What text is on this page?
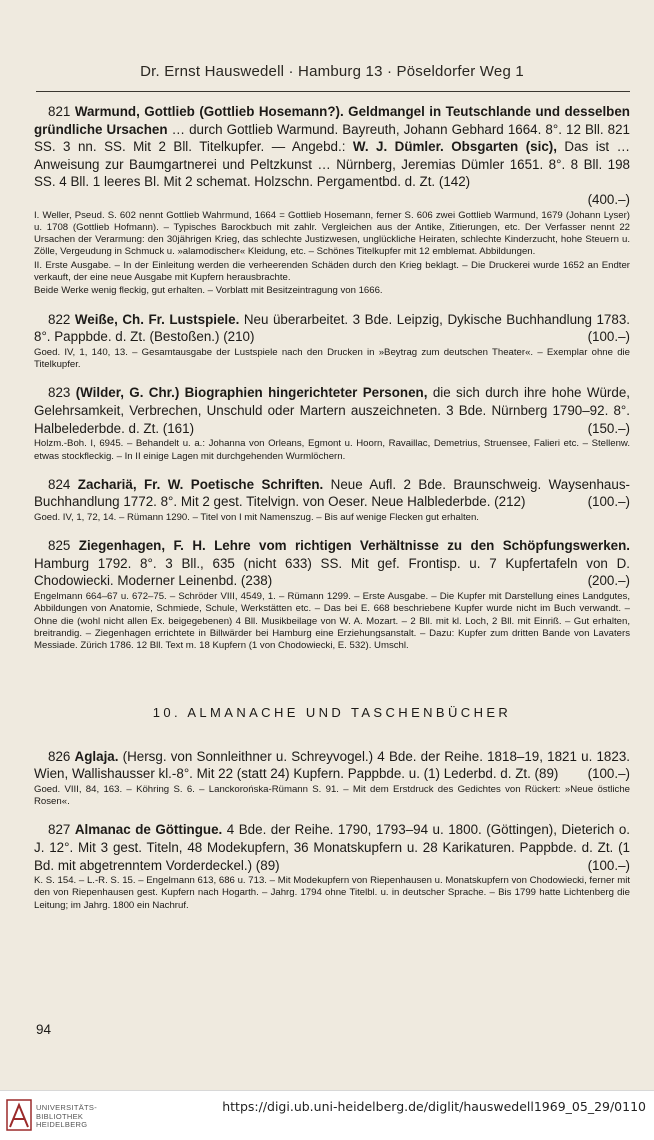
Dr. Ernst Hauswedell · Hamburg 13 · Pöseldorfer Weg 1
821 Warmund, Gottlieb (Gottlieb Hosemann?). Geldmangel in Teutschlande und desselben gründliche Ursachen … durch Gottlieb Warmund. Bayreuth, Johann Gebhard 1664. 8°. 12 Bll. 821 SS. 3 nn. SS. Mit 2 Bll. Titelkupfer. — Angebd.: W. J. Dümler. Obsgarten (sic), Das ist … Anweisung zur Baumgartnerei und Peltzkunst … Nürnberg, Jeremias Dümler 1651. 8°. 8 Bll. 198 SS. 4 Bll. 1 leeres Bl. Mit 2 schemat. Holzschn. Pergamentbd. d. Zt. (142)
(400.–)
I. Weller, Pseud. S. 602 nennt Gottlieb Wahrmund, 1664 = Gottlieb Hosemann, ferner S. 606 zwei Gottlieb Warmund, 1679 (Johann Lyser) u. 1708 (Gottlieb Hofmann). – Typisches Barockbuch mit zahlr. Vergleichen aus der Antike, Zitierungen, etc. Der Verfasser nennt 22 Ursachen der Verarmung: den 30jährigen Krieg, das schlechte Justizwesen, unglückliche Heiraten, schlechte Kinderzucht, hohe Steuern u. Zölle, Vergeudung in Schmuck u. »alamodischer« Kleidung, etc. – Schönes Titelkupfer mit 12 emblemat. Abbildungen.
II. Erste Ausgabe. – In der Einleitung werden die verheerenden Schäden durch den Krieg beklagt. – Die Druckerei wurde 1652 an Endter verkauft, der eine neue Ausgabe mit Kupfern herausbrachte.
Beide Werke wenig fleckig, gut erhalten. – Vorblatt mit Besitzeintragung von 1666.
822 Weiße, Ch. Fr. Lustspiele. Neu überarbeitet. 3 Bde. Leipzig, Dykische Buchhandlung 1783. 8°. Pappbde. d. Zt. (Bestoßen.) (210)	(100.–)
Goed. IV, 1, 140, 13. – Gesamtausgabe der Lustspiele nach den Drucken in »Beytrag zum deutschen Theater«. – Exemplar ohne die Titelkupfer.
823 (Wilder, G. Chr.) Biographien hingerichteter Personen, die sich durch ihre hohe Würde, Gelehrsamkeit, Verbrechen, Unschuld oder Martern auszeichneten. 3 Bde. Nürnberg 1790–92. 8°. Halbelederbde. d. Zt. (161)	(150.–)
Holzm.-Boh. I, 6945. – Behandelt u. a.: Johanna von Orleans, Egmont u. Hoorn, Ravaillac, Demetrius, Struensee, Falieri etc. – Stellenw. etwas stockfleckig. – In II einige Lagen mit durchgehenden Wurmlöchern.
824 Zachariä, Fr. W. Poetische Schriften. Neue Aufl. 2 Bde. Braunschweig. Waysenhaus-Buchhandlung 1772. 8°. Mit 2 gest. Titelvign. von Oeser. Neue Halblederbde. (212)	(100.–)
Goed. IV, 1, 72, 14. – Rümann 1290. – Titel von I mit Namenszug. – Bis auf wenige Flecken gut erhalten.
825 Ziegenhagen, F. H. Lehre vom richtigen Verhältnisse zu den Schöpfungswerken. Hamburg 1792. 8°. 3 Bll., 635 (nicht 633) SS. Mit gef. Frontisp. u. 7 Kupfertafeln von D. Chodowiecki. Moderner Leinenbd. (238)	(200.–)
Engelmann 664–67 u. 672–75. – Schröder VIII, 4549, 1. – Rümann 1299. – Erste Ausgabe. – Die Kupfer mit Darstellung eines Landgutes, Abbildungen von Anatomie, Schmiede, Schule, Werkstätten etc. – Das bei E. 668 beschriebene Kupfer wurde nicht im Buch verwandt. – Ohne die (wohl nicht allen Ex. beigegebenen) 4 Bll. Musikbeilage von W. A. Mozart. – 2 Bll. mit kl. Loch, 2 Bll. mit Einriß. – Gut erhalten, breitrandig. – Ziegenhagen errichtete in Billwärder bei Hamburg eine Erziehungsanstalt. – Dazu: Kupfer zum dritten Bande von Lavaters Messiade. Zürich 1786. 12 Bll. Text m. 18 Kupfern (1 von Chodowiecki, E. 532). Umschl.
10. ALMANACHE UND TASCHENBÜCHER
826 Aglaja. (Hersg. von Sonnleithner u. Schreyvogel.) 4 Bde. der Reihe. 1818–19, 1821 u. 1823. Wien, Wallishausser kl.-8°. Mit 22 (statt 24) Kupfern. Pappbde. u. (1) Lederbd. d. Zt. (89)	(100.–)
Goed. VIII, 84, 163. – Köhring S. 6. – Lanckorońska-Rümann S. 91. – Mit dem Erstdruck des Gedichtes von Rückert: »Neue östliche Rosen«.
827 Almanac de Göttingue. 4 Bde. der Reihe. 1790, 1793–94 u. 1800. (Göttingen), Dieterich o. J. 12°. Mit 3 gest. Titeln, 48 Modekupfern, 36 Monatskupfern u. 28 Karikaturen. Pappbde. d. Zt. (1 Bd. mit abgetrenntem Vorderdeckel.) (89)	(100.–)
K. S. 154. – L.-R. S. 15. – Engelmann 613, 686 u. 713. – Mit Modekupfern von Riepenhausen u. Monatskupfern von Chodowiecki, ferner mit den von Riepenhausen gest. Kupfern nach Hogarth. – Jahrg. 1794 ohne Titelbl. u. in deutscher Sprache. – Bis 1799 hatte Lichtenberg die Leitung; im Jahrg. 1800 ein Nachruf.
94
UNIVERSITÄTS-
BIBLIOTHEK
HEIDELBERG
https://digi.ub.uni-heidelberg.de/diglit/hauswedell1969_05_29/0110
